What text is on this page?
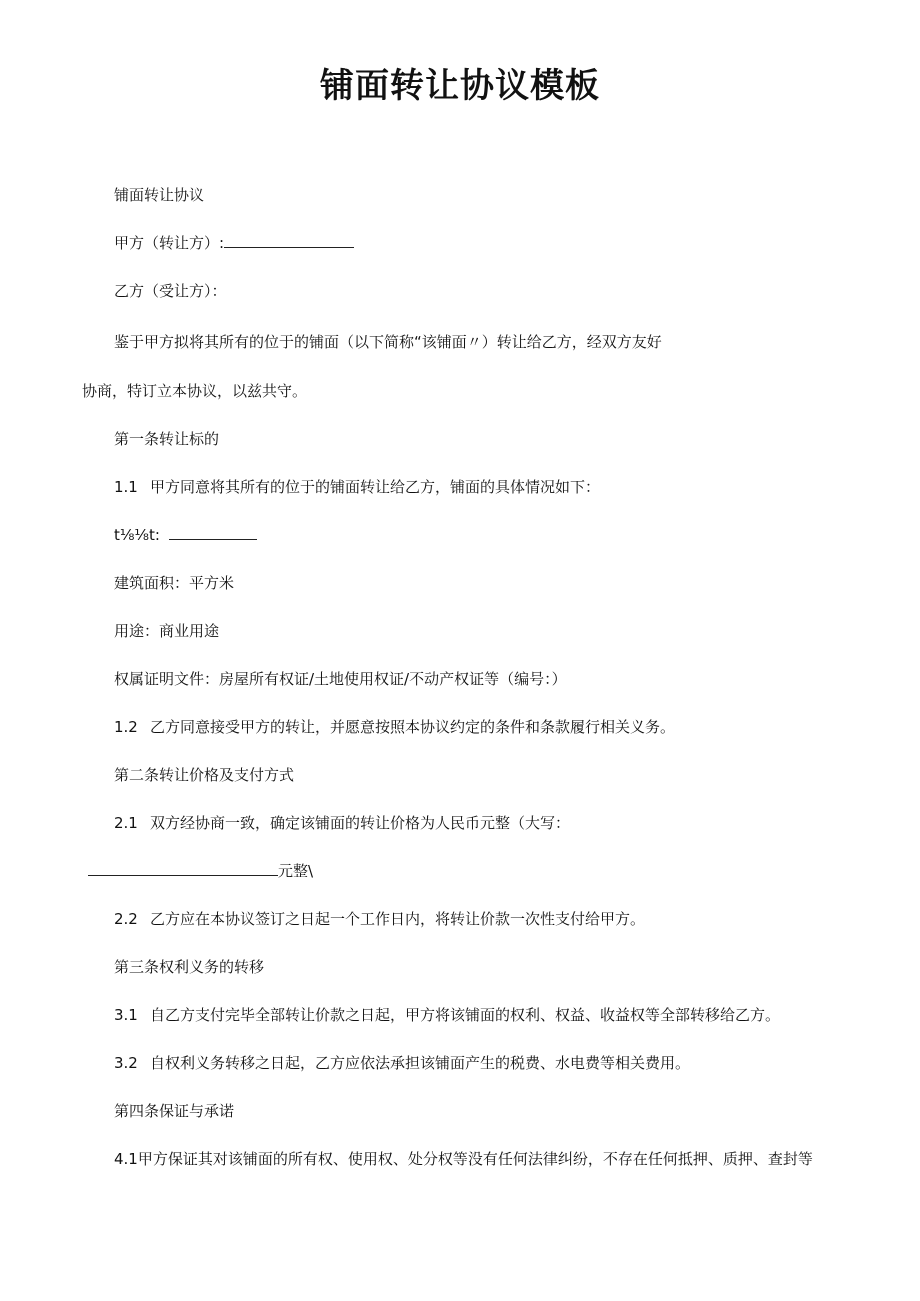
铺面转让协议模板
铺面转让协议
甲方（转让方）:
乙方（受让方）：
鉴于甲方拟将其所有的位于的铺面（以下简称“该铺面〃）转让给乙方，经双方友好
协商，特订立本协议，以兹共守。
第一条转让标的
1.1 甲方同意将其所有的位于的铺面转让给乙方，铺面的具体情况如下：
t⅛⅛t:
建筑面积：平方米
用途：商业用途
权属证明文件：房屋所有权证/土地使用权证/不动产权证等（编号：）
1.2 乙方同意接受甲方的转让，并愿意按照本协议约定的条件和条款履行相关义务。
第二条转让价格及支付方式
2.1 双方经协商一致，确定该铺面的转让价格为人民币元整（大写：
元整\
2.2 乙方应在本协议签订之日起一个工作日内，将转让价款一次性支付给甲方。
第三条权利义务的转移
3.1 自乙方支付完毕全部转让价款之日起，甲方将该铺面的权利、权益、收益权等全部转移给乙方。
3.2 自权利义务转移之日起，乙方应依法承担该铺面产生的税费、水电费等相关费用。
第四条保证与承诺
4.1甲方保证其对该铺面的所有权、使用权、处分权等没有任何法律纠纷，不存在任何抵押、质押、查封等
